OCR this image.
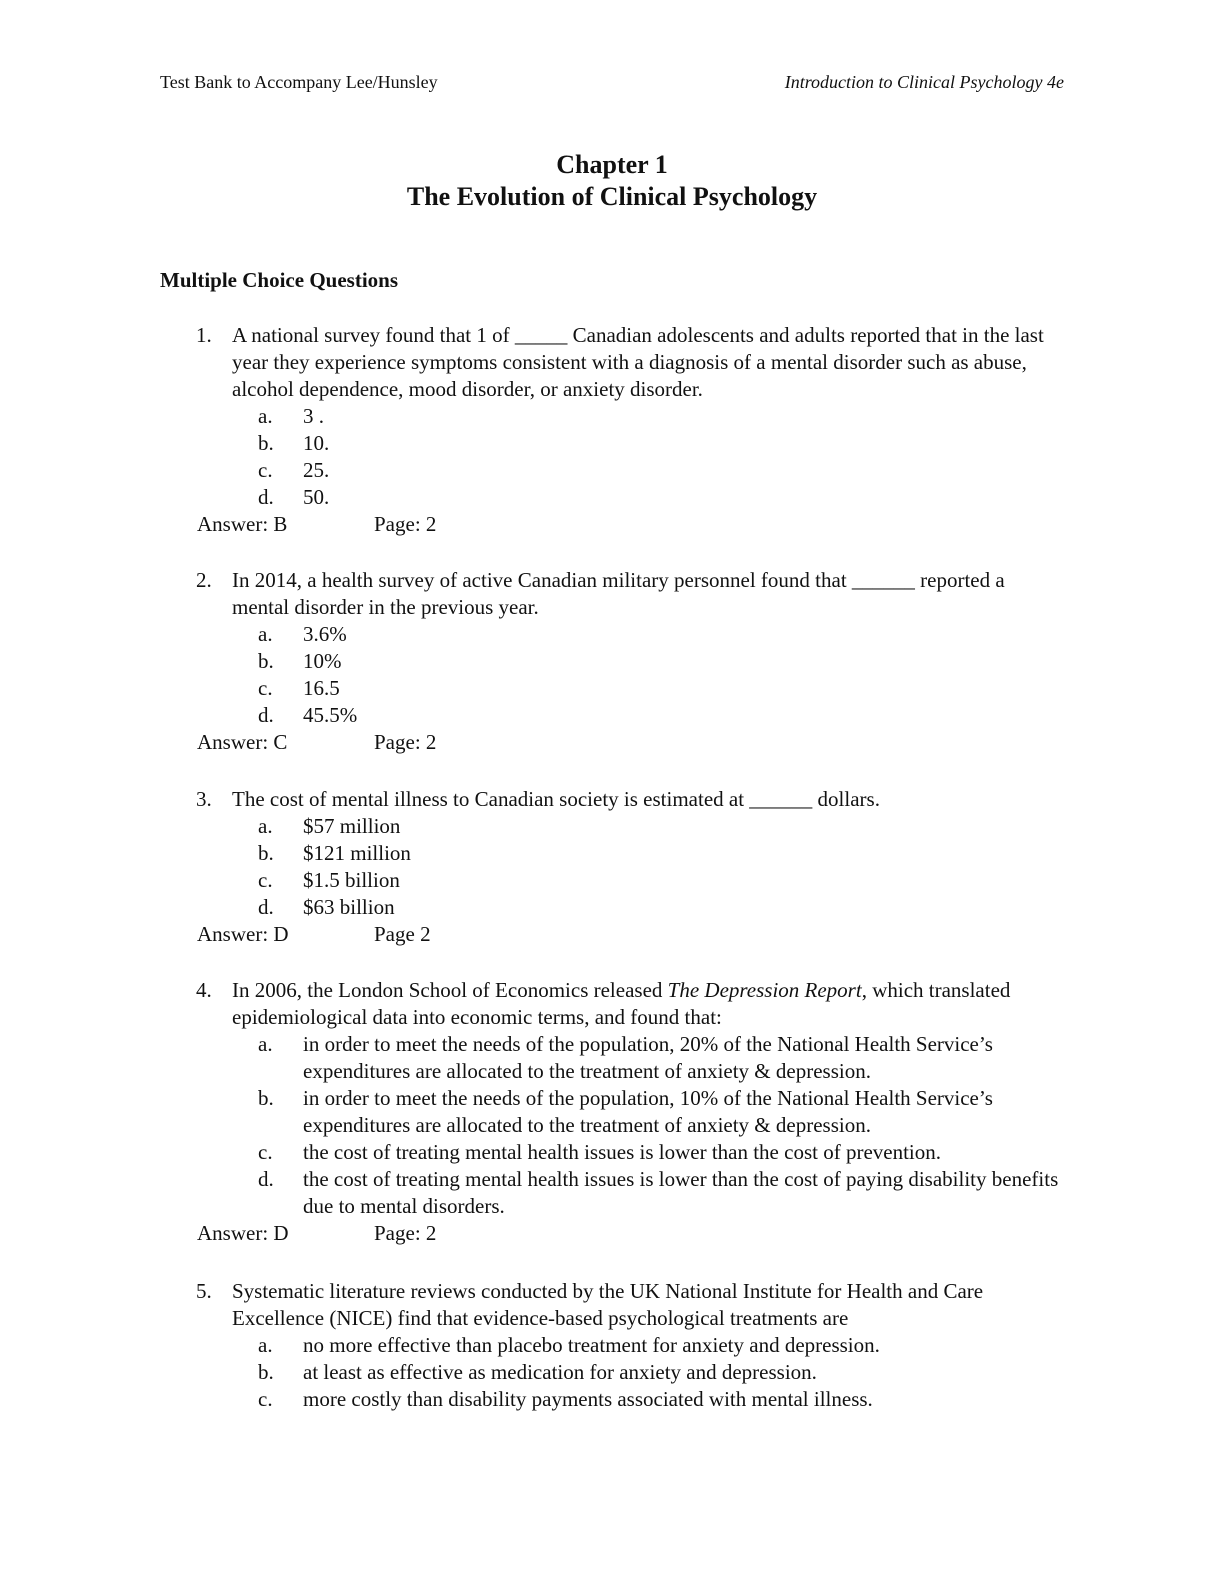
Test Bank to Accompany Lee/Hunsley	Introduction to Clinical Psychology 4e
Chapter 1
The Evolution of Clinical Psychology
Multiple Choice Questions
1. A national survey found that 1 of _____ Canadian adolescents and adults reported that in the last year they experience symptoms consistent with a diagnosis of a mental disorder such as abuse, alcohol dependence, mood disorder, or anxiety disorder.
a. 3 .
b. 10.
c. 25.
d. 50.
Answer: B	Page: 2
2. In 2014, a health survey of active Canadian military personnel found that ______ reported a mental disorder in the previous year.
a. 3.6%
b. 10%
c. 16.5
d. 45.5%
Answer: C	Page: 2
3. The cost of mental illness to Canadian society is estimated at ______ dollars.
a. $57 million
b. $121 million
c. $1.5 billion
d. $63 billion
Answer: D	Page 2
4. In 2006, the London School of Economics released The Depression Report, which translated epidemiological data into economic terms, and found that:
a. in order to meet the needs of the population, 20% of the National Health Service’s expenditures are allocated to the treatment of anxiety & depression.
b. in order to meet the needs of the population, 10% of the National Health Service’s expenditures are allocated to the treatment of anxiety & depression.
c. the cost of treating mental health issues is lower than the cost of prevention.
d. the cost of treating mental health issues is lower than the cost of paying disability benefits due to mental disorders.
Answer: D	Page: 2
5. Systematic literature reviews conducted by the UK National Institute for Health and Care Excellence (NICE) find that evidence-based psychological treatments are
a. no more effective than placebo treatment for anxiety and depression.
b. at least as effective as medication for anxiety and depression.
c. more costly than disability payments associated with mental illness.
